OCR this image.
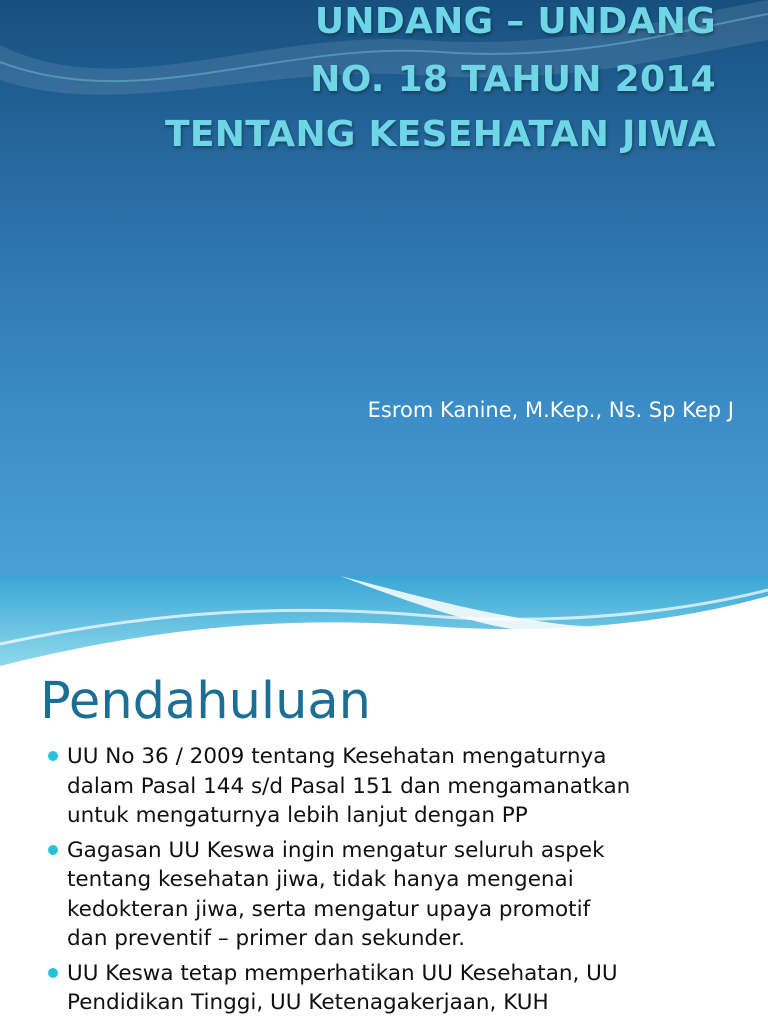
UNDANG – UNDANG
NO. 18 TAHUN 2014
TENTANG KESEHATAN JIWA

Esrom Kanine, M.Kep., Ns. Sp Kep J

Pendahuluan
UU No 36 / 2009 tentang Kesehatan mengaturnya
dalam Pasal 144 s/d Pasal 151 dan mengamanatkan
untuk mengaturnya lebih lanjut dengan PP
Gagasan UU Keswa ingin mengatur seluruh aspek
tentang kesehatan jiwa, tidak hanya mengenai
kedokteran jiwa, serta mengatur upaya promotif
dan preventif – primer dan sekunder.
UU Keswa tetap memperhatikan UU Kesehatan, UU
Pendidikan Tinggi, UU Ketenagakerjaan, KUH
